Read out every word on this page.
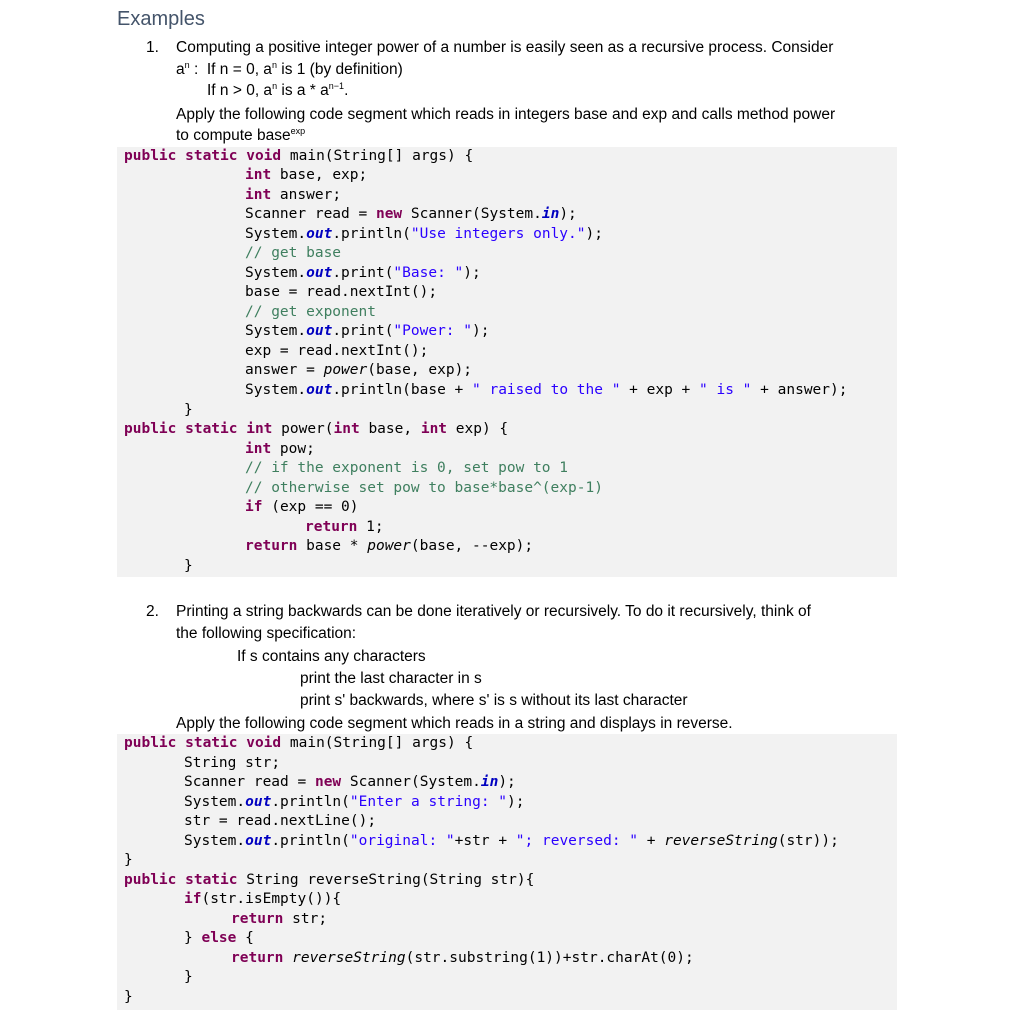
Examples
1. Computing a positive integer power of a number is easily seen as a recursive process. Consider
$a^n$ :  If n = 0, $a^n$ is 1 (by definition)
If n > 0, $a^n$ is a * $a^{n-1}$.
Apply the following code segment which reads in integers base and exp and calls method power
to compute base$^{exp}$
public static void main(String[] args) {
int base, exp;
int answer;
Scanner read = new Scanner(System.in);
System.out.println("Use integers only.");
// get base
System.out.print("Base: ");
base = read.nextInt();
// get exponent
System.out.print("Power: ");
exp = read.nextInt();
answer = power(base, exp);
System.out.println(base + " raised to the " + exp + " is " + answer);
}
public static int power(int base, int exp) {
int pow;
// if the exponent is 0, set pow to 1
// otherwise set pow to base*base^(exp-1)
if (exp == 0)
return 1;
return base * power(base, --exp);
}
2. Printing a string backwards can be done iteratively or recursively. To do it recursively, think of
the following specification:
If s contains any characters
print the last character in s
print s' backwards, where s' is s without its last character
Apply the following code segment which reads in a string and displays in reverse.
public static void main(String[] args) {
String str;
Scanner read = new Scanner(System.in);
System.out.println("Enter a string: ");
str = read.nextLine();
System.out.println("original: "+str + "; reversed: " + reverseString(str));
}
public static String reverseString(String str){
if(str.isEmpty()){
return str;
} else {
return reverseString(str.substring(1))+str.charAt(0);
}
}
